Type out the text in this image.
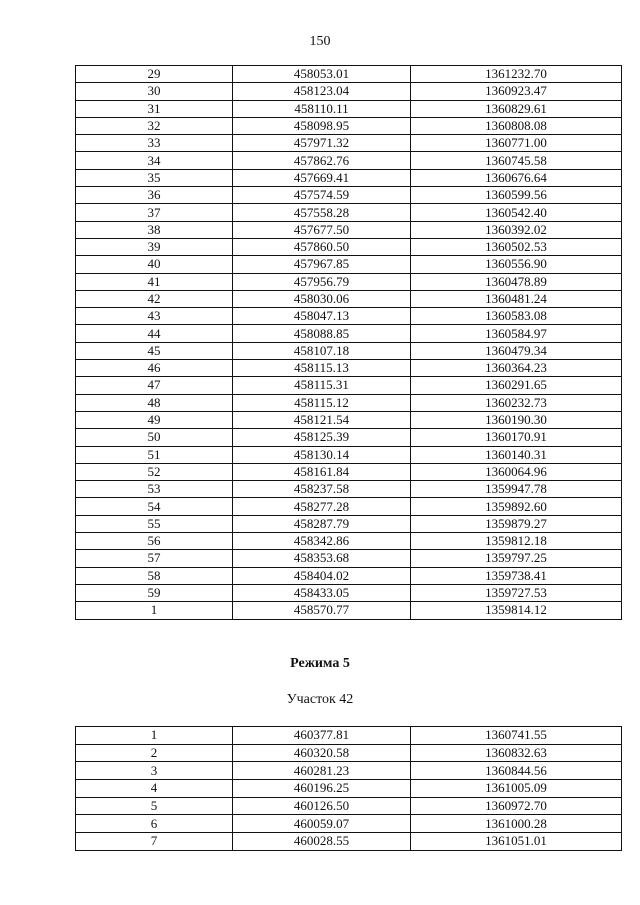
150
29	458053.01	1361232.70
30	458123.04	1360923.47
31	458110.11	1360829.61
32	458098.95	1360808.08
33	457971.32	1360771.00
34	457862.76	1360745.58
35	457669.41	1360676.64
36	457574.59	1360599.56
37	457558.28	1360542.40
38	457677.50	1360392.02
39	457860.50	1360502.53
40	457967.85	1360556.90
41	457956.79	1360478.89
42	458030.06	1360481.24
43	458047.13	1360583.08
44	458088.85	1360584.97
45	458107.18	1360479.34
46	458115.13	1360364.23
47	458115.31	1360291.65
48	458115.12	1360232.73
49	458121.54	1360190.30
50	458125.39	1360170.91
51	458130.14	1360140.31
52	458161.84	1360064.96
53	458237.58	1359947.78
54	458277.28	1359892.60
55	458287.79	1359879.27
56	458342.86	1359812.18
57	458353.68	1359797.25
58	458404.02	1359738.41
59	458433.05	1359727.53
1	458570.77	1359814.12
Режима 5
Участок 42
1	460377.81	1360741.55
2	460320.58	1360832.63
3	460281.23	1360844.56
4	460196.25	1361005.09
5	460126.50	1360972.70
6	460059.07	1361000.28
7	460028.55	1361051.01
